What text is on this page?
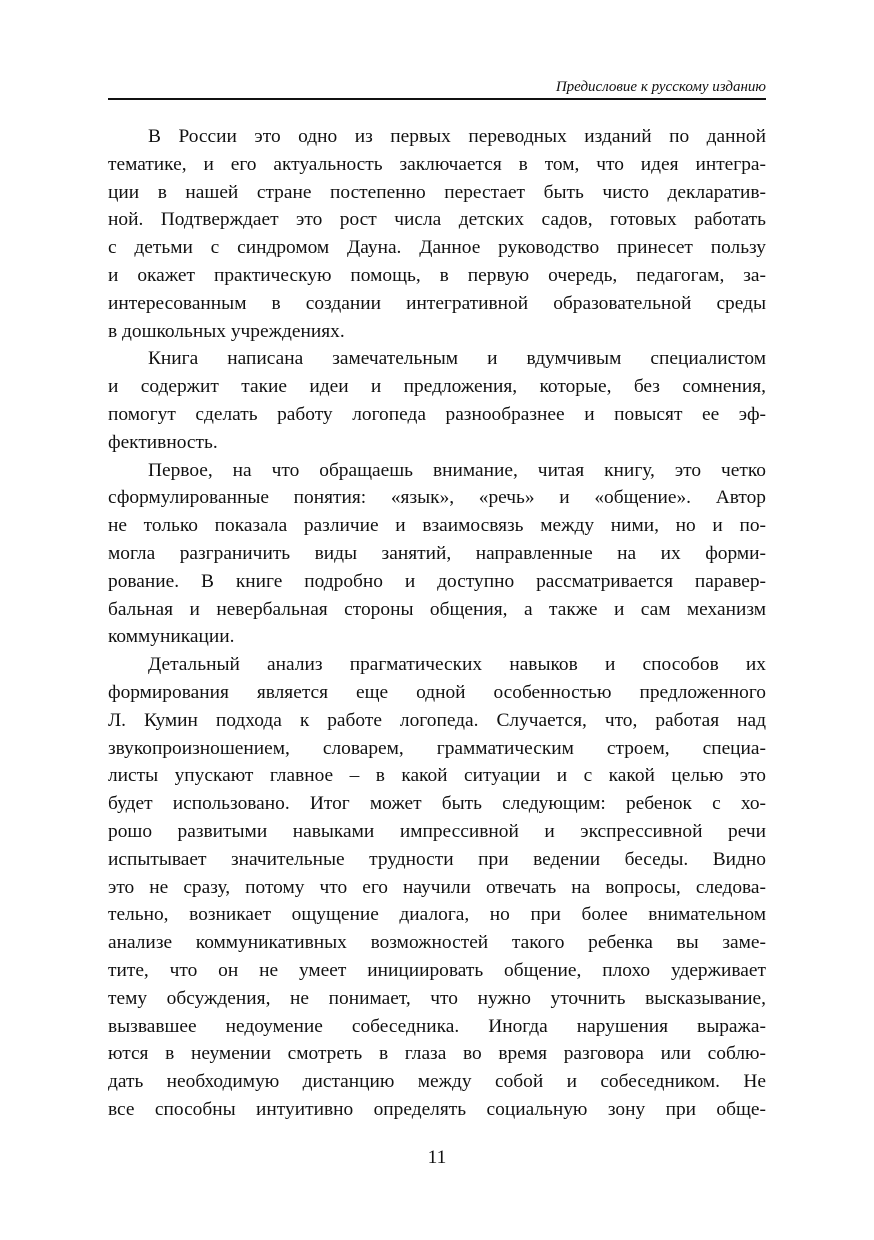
Предисловие к русскому изданию
В России это одно из первых переводных изданий по данной
тематике, и его актуальность заключается в том, что идея интегра-
ции в нашей стране постепенно перестает быть чисто декларатив-
ной. Подтверждает это рост числа детских садов, готовых работать
с детьми с синдромом Дауна. Данное руководство принесет пользу
и окажет практическую помощь, в первую очередь, педагогам, за-
интересованным в создании интегративной образовательной среды
в дошкольных учреждениях.
Книга написана замечательным и вдумчивым специалистом
и содержит такие идеи и предложения, которые, без сомнения,
помогут сделать работу логопеда разнообразнее и повысят ее эф-
фективность.
Первое, на что обращаешь внимание, читая книгу, это четко
сформулированные понятия: «язык», «речь» и «общение». Автор
не только показала различие и взаимосвязь между ними, но и по-
могла разграничить виды занятий, направленные на их форми-
рование. В книге подробно и доступно рассматривается паравер-
бальная и невербальная стороны общения, а также и сам механизм
коммуникации.
Детальный анализ прагматических навыков и способов их
формирования является еще одной особенностью предложенного
Л. Кумин подхода к работе логопеда. Случается, что, работая над
звукопроизношением, словарем, грамматическим строем, специа-
листы упускают главное – в какой ситуации и с какой целью это
будет использовано. Итог может быть следующим: ребенок с хо-
рошо развитыми навыками импрессивной и экспрессивной речи
испытывает значительные трудности при ведении беседы. Видно
это не сразу, потому что его научили отвечать на вопросы, следова-
тельно, возникает ощущение диалога, но при более внимательном
анализе коммуникативных возможностей такого ребенка вы заме-
тите, что он не умеет инициировать общение, плохо удерживает
тему обсуждения, не понимает, что нужно уточнить высказывание,
вызвавшее недоумение собеседника. Иногда нарушения выража-
ются в неумении смотреть в глаза во время разговора или соблю-
дать необходимую дистанцию между собой и собеседником. Не
все способны интуитивно определять социальную зону при обще-
11
